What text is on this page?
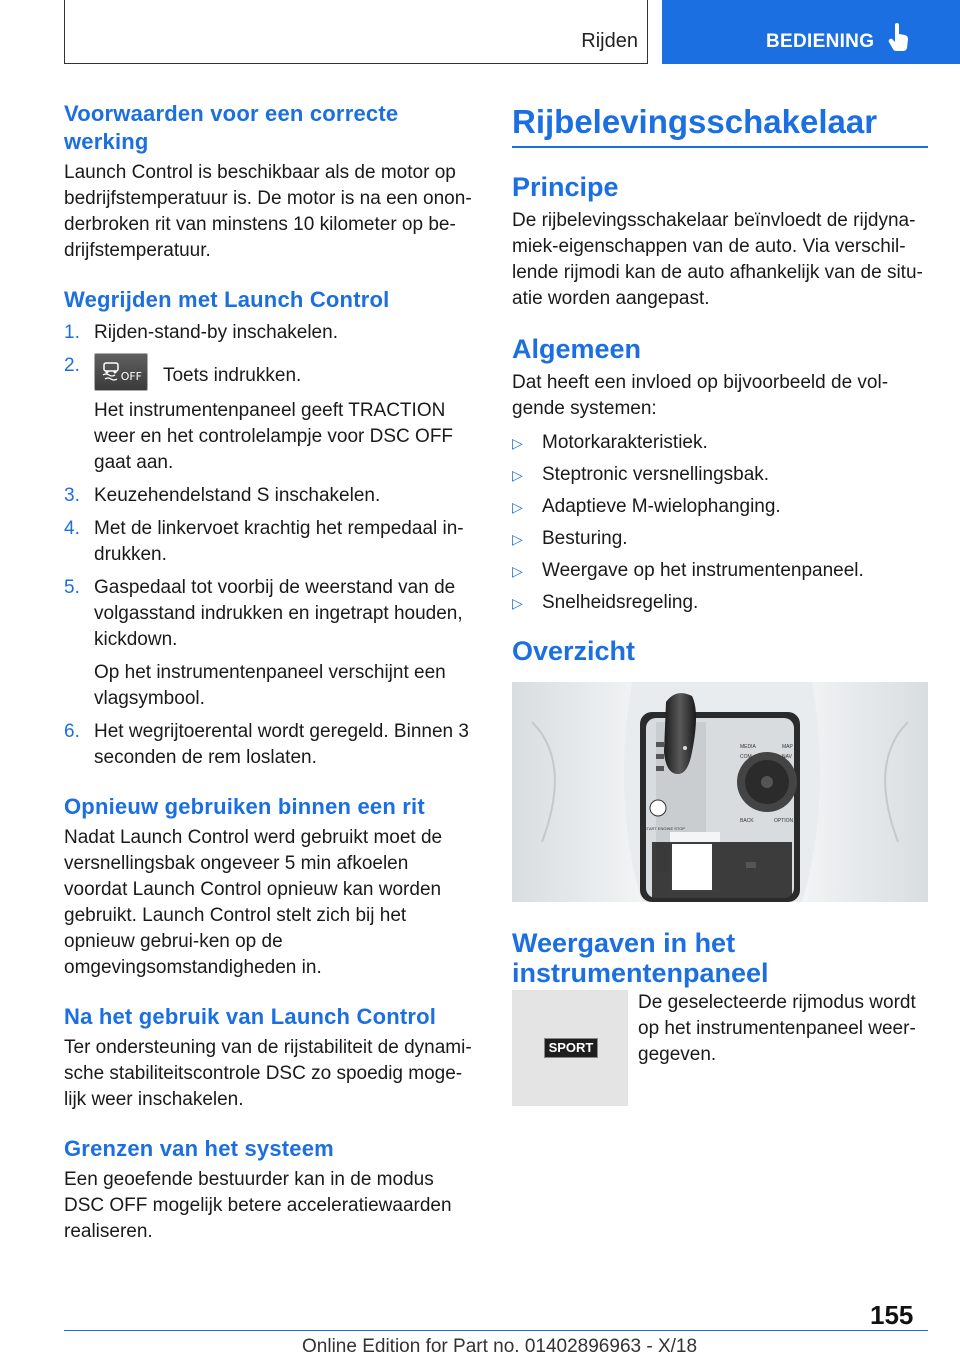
Rijden	BEDIENING
Voorwaarden voor een correcte werking

Launch Control is beschikbaar als de motor op bedrijfstemperatuur is. De motor is na een onon-derbroken rit van minstens 10 kilometer op be-drijfstemperatuur.

Wegrijden met Launch Control
1. Rijden-stand-by inschakelen.
2.
OFF Toets indrukken.
Het instrumentenpaneel geeft TRACTION weer en het controlelampje voor DSC OFF gaat aan.
3. Keuzehendelstand S inschakelen.
4. Met de linkervoet krachtig het rempedaal in-drukken.
5. Gaspedaal tot voorbij de weerstand van de volgasstand indrukken en ingetrapt houden, kickdown.
Op het instrumentenpaneel verschijnt een vlagsymbool.
6. Het wegrijtoerental wordt geregeld. Binnen 3 seconden de rem loslaten.
Opnieuw gebruiken binnen een rit

Nadat Launch Control werd gebruikt moet de versnellingsbak ongeveer 5 min afkoelen voordat Launch Control opnieuw kan worden gebruikt. Launch Control stelt zich bij het opnieuw gebrui-ken op de omgevingsomstandigheden in.

Na het gebruik van Launch Control

Ter ondersteuning van de rijstabiliteit de dynami-sche stabiliteitscontrole DSC zo spoedig moge-lijk weer inschakelen.

Grenzen van het systeem

Een geoefende bestuurder kan in de modus DSC OFF mogelijk betere acceleratiewaarden realiseren.

Rijbelevingsschakelaar
Principe

De rijbelevingsschakelaar beïnvloedt de rijdyna-miek-eigenschappen van de auto. Via verschil-lende rijmodi kan de auto afhankelijk van de situ-atie worden aangepast.

Algemeen

Dat heeft een invloed op bijvoorbeeld de vol-gende systemen:

▷ Motorkarakteristiek.
▷ Steptronic versnellingsbak.
▷ Adaptieve M-wielophanging.
▷ Besturing.
▷ Weergave op het instrumentenpaneel.
▷ Snelheidsregeling.
Overzicht
MEDIA	MAP
COM	NAV
BACK	OPTION
START ENGINE STOP
Weergaven in het instrumentenpaneel
SPORT

De geselecteerde rijmodus wordt op het instrumentenpaneel weer-gegeven.

155
Online Edition for Part no. 01402896963 - X/18
